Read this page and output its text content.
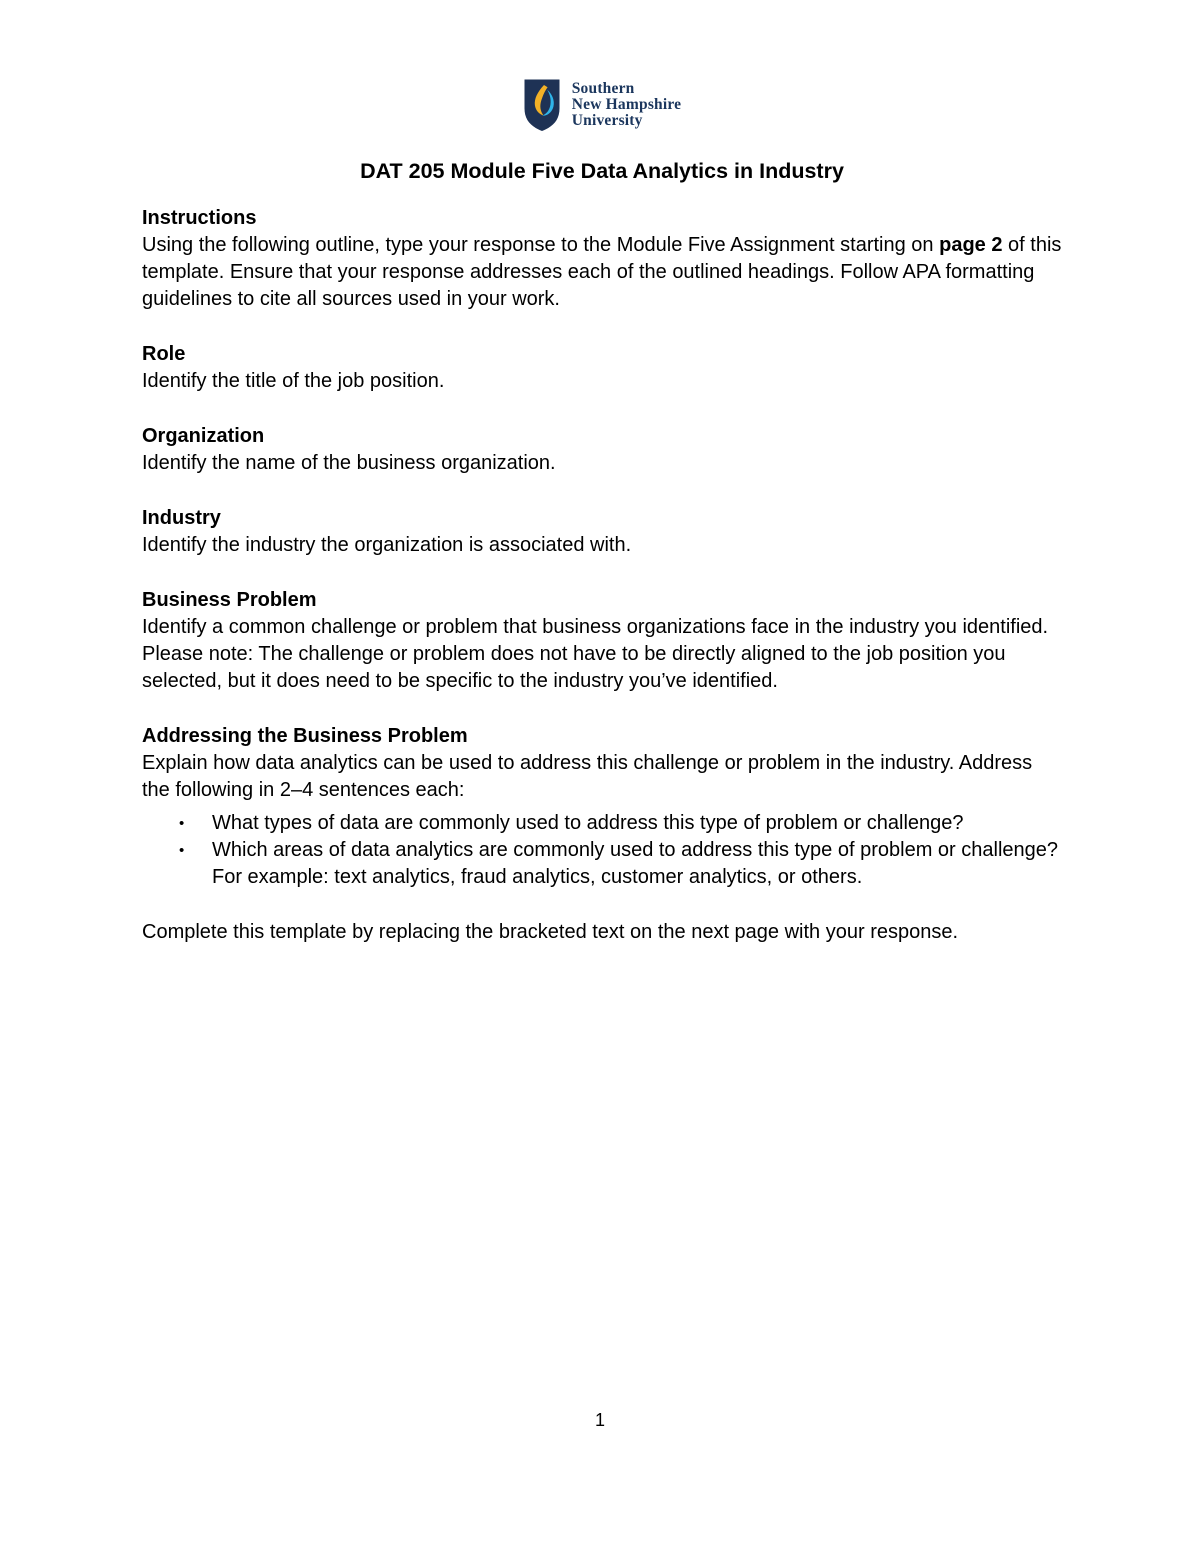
Southern
New Hampshire
University
DAT 205 Module Five Data Analytics in Industry
Instructions

Using the following outline, type your response to the Module Five Assignment starting on page 2 of this template. Ensure that your response addresses each of the outlined headings. Follow APA formatting guidelines to cite all sources used in your work.

Role

Identify the title of the job position.

Organization

Identify the name of the business organization.

Industry

Identify the industry the organization is associated with.

Business Problem

Identify a common challenge or problem that business organizations face in the industry you identified. Please note: The challenge or problem does not have to be directly aligned to the job position you selected, but it does need to be specific to the industry you’ve identified.

Addressing the Business Problem

Explain how data analytics can be used to address this challenge or problem in the industry. Address the following in 2–4 sentences each:

•	What types of data are commonly used to address this type of problem or challenge?
•	Which areas of data analytics are commonly used to address this type of problem or challenge? For example: text analytics, fraud analytics, customer analytics, or others.

Complete this template by replacing the bracketed text on the next page with your response.

1
